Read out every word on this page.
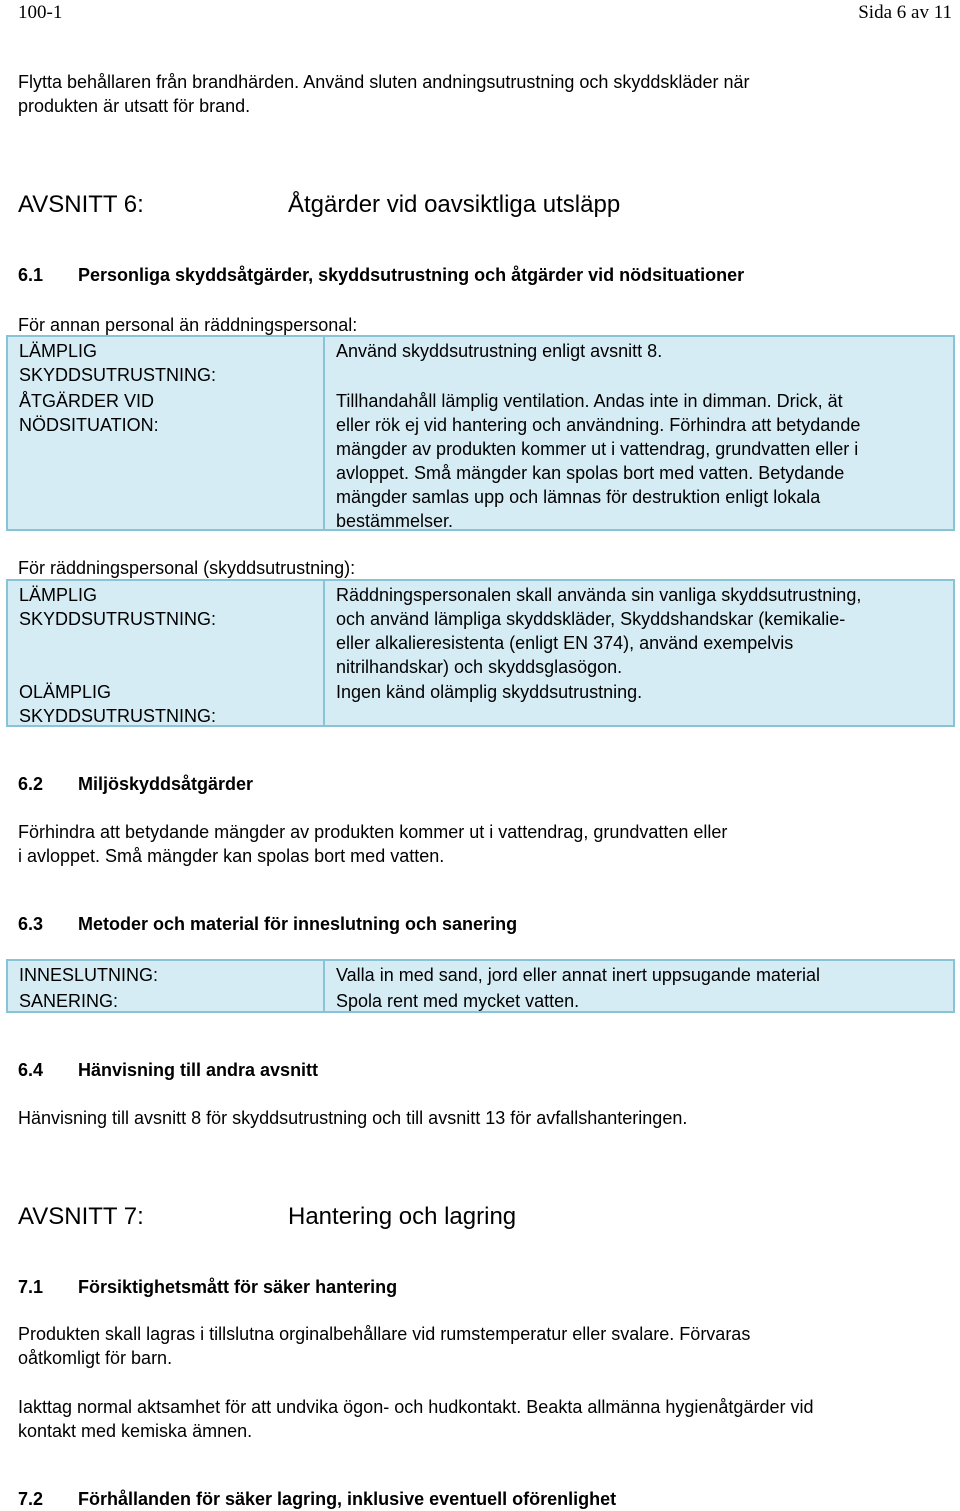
100-1	Sida 6 av 11
Flytta behållaren från brandhärden. Använd sluten andningsutrustning och skyddskläder när
produkten är utsatt för brand.
AVSNITT 6:	Åtgärder vid oavsiktliga utsläpp
6.1 Personliga skyddsåtgärder, skyddsutrustning och åtgärder vid nödsituationer
För annan personal än räddningspersonal:
LÄMPLIG
SKYDDSUTRUSTNING:
Använd skyddsutrustning enligt avsnitt 8.
ÅTGÄRDER VID
NÖDSITUATION:
Tillhandahåll lämplig ventilation. Andas inte in dimman. Drick, ät
eller rök ej vid hantering och användning. Förhindra att betydande
mängder av produkten kommer ut i vattendrag, grundvatten eller i
avloppet. Små mängder kan spolas bort med vatten. Betydande
mängder samlas upp och lämnas för destruktion enligt lokala
bestämmelser.
För räddningspersonal (skyddsutrustning):
LÄMPLIG
SKYDDSUTRUSTNING:
Räddningspersonalen skall använda sin vanliga skyddsutrustning,
och använd lämpliga skyddskläder, Skyddshandskar (kemikalie-
eller alkalieresistenta (enligt EN 374), använd exempelvis
nitrilhandskar) och skyddsglasögon.
OLÄMPLIG
SKYDDSUTRUSTNING:
Ingen känd olämplig skyddsutrustning.
6.2 Miljöskyddsåtgärder
Förhindra att betydande mängder av produkten kommer ut i vattendrag, grundvatten eller
i avloppet. Små mängder kan spolas bort med vatten.
6.3 Metoder och material för inneslutning och sanering
INNESLUTNING:	Valla in med sand, jord eller annat inert uppsugande material
SANERING:	Spola rent med mycket vatten.
6.4 Hänvisning till andra avsnitt
Hänvisning till avsnitt 8 för skyddsutrustning och till avsnitt 13 för avfallshanteringen.
AVSNITT 7:	Hantering och lagring
7.1 Försiktighetsmått för säker hantering
Produkten skall lagras i tillslutna orginalbehållare vid rumstemperatur eller svalare. Förvaras
oåtkomligt för barn.
Iakttag normal aktsamhet för att undvika ögon- och hudkontakt. Beakta allmänna hygienåtgärder vid
kontakt med kemiska ämnen.
7.2 Förhållanden för säker lagring, inklusive eventuell oförenlighet
